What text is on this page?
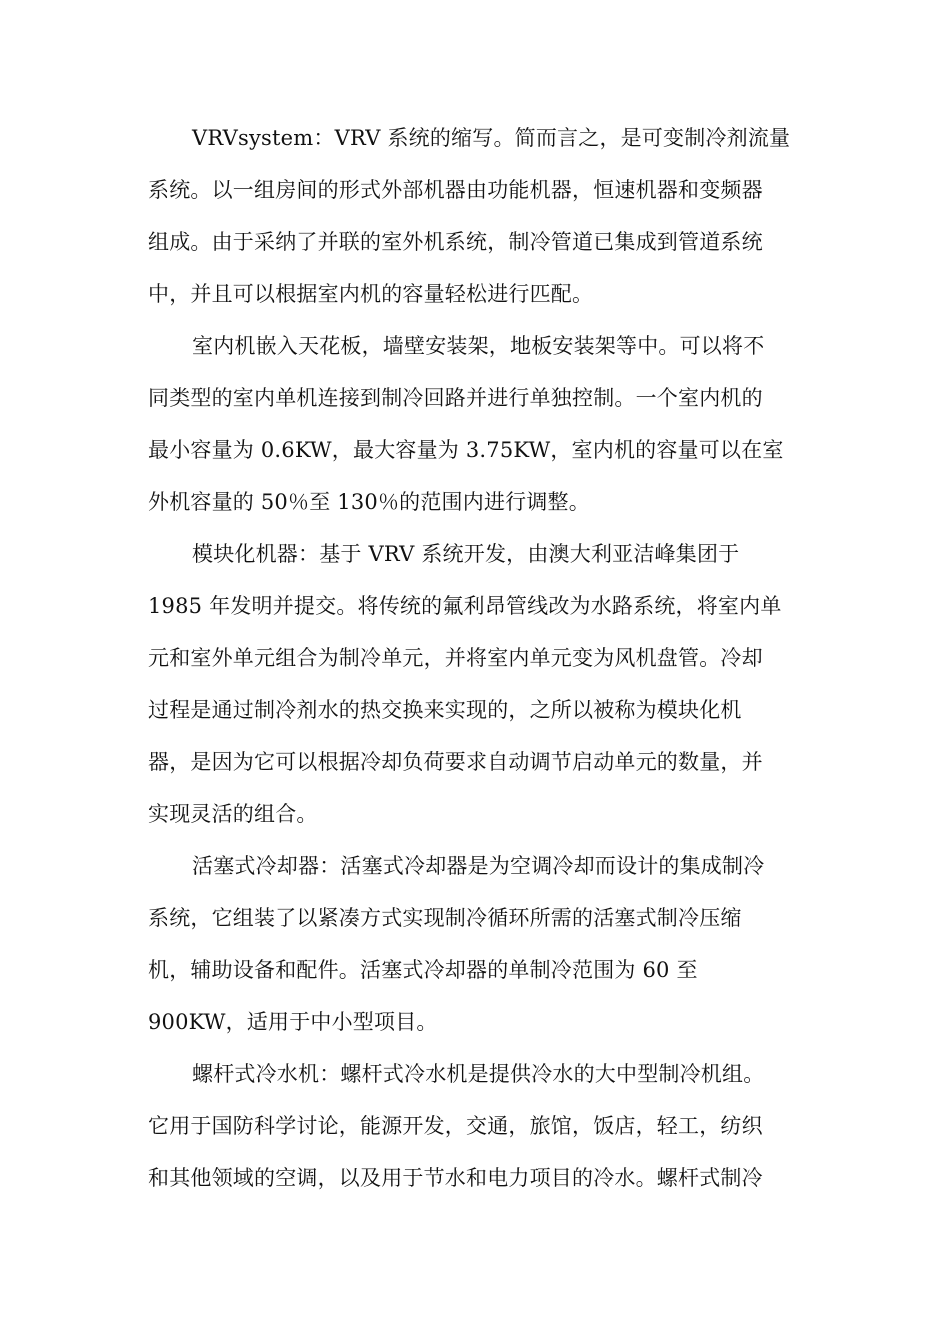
VRVsystem：VRV 系统的缩写。简而言之，是可变制冷剂流量
系统。以一组房间的形式外部机器由功能机器，恒速机器和变频器
组成。由于采纳了并联的室外机系统，制冷管道已集成到管道系统
中，并且可以根据室内机的容量轻松进行匹配。
室内机嵌入天花板，墙壁安装架，地板安装架等中。可以将不
同类型的室内单机连接到制冷回路并进行单独控制。一个室内机的
最小容量为 0.6KW，最大容量为 3.75KW，室内机的容量可以在室
外机容量的 50％至 130％的范围内进行调整。
模块化机器：基于 VRV 系统开发，由澳大利亚洁峰集团于
1985 年发明并提交。将传统的氟利昂管线改为水路系统，将室内单
元和室外单元组合为制冷单元，并将室内单元变为风机盘管。冷却
过程是通过制冷剂水的热交换来实现的，之所以被称为模块化机
器，是因为它可以根据冷却负荷要求自动调节启动单元的数量，并
实现灵活的组合。
活塞式冷却器：活塞式冷却器是为空调冷却而设计的集成制冷
系统，它组装了以紧凑方式实现制冷循环所需的活塞式制冷压缩
机，辅助设备和配件。活塞式冷却器的单制冷范围为 60 至
900KW，适用于中小型项目。
螺杆式冷水机：螺杆式冷水机是提供冷水的大中型制冷机组。
它用于国防科学讨论，能源开发，交通，旅馆，饭店，轻工，纺织
和其他领域的空调，以及用于节水和电力项目的冷水。螺杆式制冷
